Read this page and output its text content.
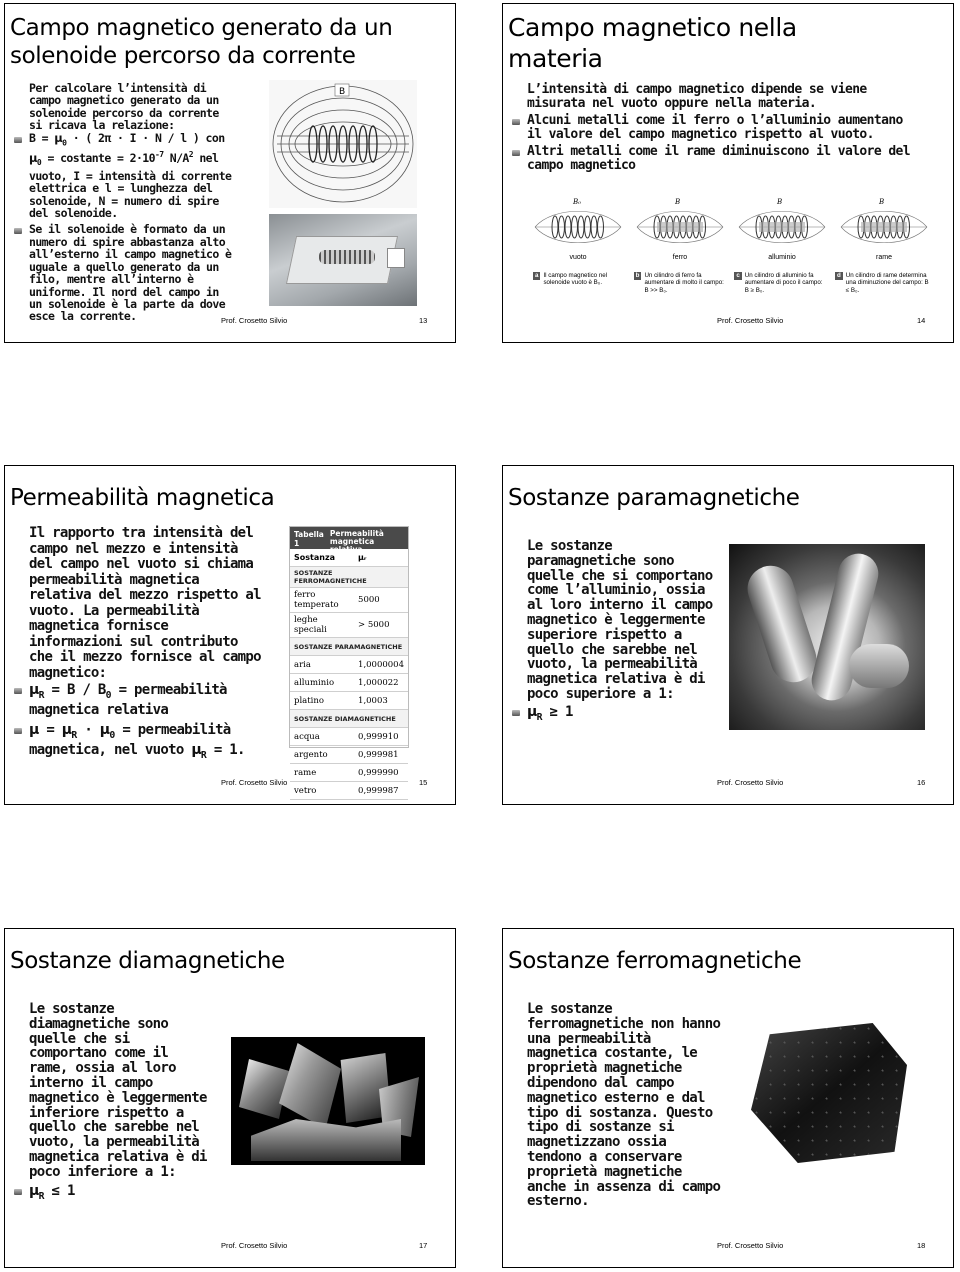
Campo magnetico generato da un solenoide percorso da corrente

Per calcolare l’intensità di campo magnetico generato da un solenoide percorso da corrente si ricava la relazione:

$B = \mu_0$ · ( 2π · I · N / l ) con $\mu_0$ = costante = $2\cdot 10^{-7}$ $N/A^2$ nel vuoto, I = intensità di corrente elettrica e l = lunghezza del solenoide, N = numero di spire del solenoide.

Se il solenoide è formato da un numero di spire abbastanza alto all’esterno il campo magnetico è uguale a quello generato da un filo, mentre all’interno è uniforme. Il nord del campo in un solenoide è la parte da dove esce la corrente.

B
Prof. Crosetto Silvio	13
Campo magnetico nella materia

L’intensità di campo magnetico dipende se viene misurata nel vuoto oppure nella materia.

Alcuni metalli come il ferro o l’alluminio aumentano il valore del campo magnetico rispetto al vuoto.

Altri metalli come il rame diminuiscono il valore del campo magnetico

B₀
vuoto
B
ferro
B
alluminio
B
rame
a Il campo magnetico nel solenoide vuoto è B₀.
b Un cilindro di ferro fa aumentare di molto il campo: B >> B₀.
c Un cilindro di alluminio fa aumentare di poco il campo: B ≥ B₀.
d Un cilindro di rame determina una diminuzione del campo: B ≤ B₀.
Prof. Crosetto Silvio	14
Permeabilità magnetica

Il rapporto tra intensità del campo nel mezzo e intensità del campo nel vuoto si chiama permeabilità magnetica relativa del mezzo rispetto al vuoto. La permeabilità magnetica fornisce informazioni sul contributo che il mezzo fornisce al campo magnetico:

$\mu_R = B / B_0$ = permeabilità magnetica relativa

$\mu = \mu_R \cdot \mu_0$ = permeabilità magnetica, nel vuoto $\mu_R = 1$.

Tabella 1
Permeabilità magnetica relativa
Sostanza	μᵣ
SOSTANZE FERROMAGNETICHE	
ferro temperato	5000
leghe speciali	> 5000
SOSTANZE PARAMAGNETICHE	
aria	1,0000004
alluminio	1,000022
platino	1,0003
SOSTANZE DIAMAGNETICHE	
acqua	0,999910
argento	0,999981
rame	0,999990
vetro	0,999987
Prof. Crosetto Silvio	15
Sostanze paramagnetiche

Le sostanze paramagnetiche sono quelle che si comportano come l’alluminio, ossia al loro interno il campo magnetico è leggermente superiore rispetto a quello che sarebbe nel vuoto, la permeabilità magnetica relativa è di poco superiore a 1:

$\mu_R \ge 1$

Prof. Crosetto Silvio	16
Sostanze diamagnetiche

Le sostanze diamagnetiche sono quelle che si comportano come il rame, ossia al loro interno il campo magnetico è leggermente inferiore rispetto a quello che sarebbe nel vuoto, la permeabilità magnetica relativa è di poco inferiore a 1:

$\mu_R \le 1$

Prof. Crosetto Silvio	17
Sostanze ferromagnetiche

Le sostanze ferromagnetiche non hanno una permeabilità magnetica costante, le proprietà magnetiche dipendono dal campo magnetico esterno e dal tipo di sostanza. Questo tipo di sostanze si magnetizzano ossia tendono a conservare proprietà magnetiche anche in assenza di campo esterno.

Prof. Crosetto Silvio	18
